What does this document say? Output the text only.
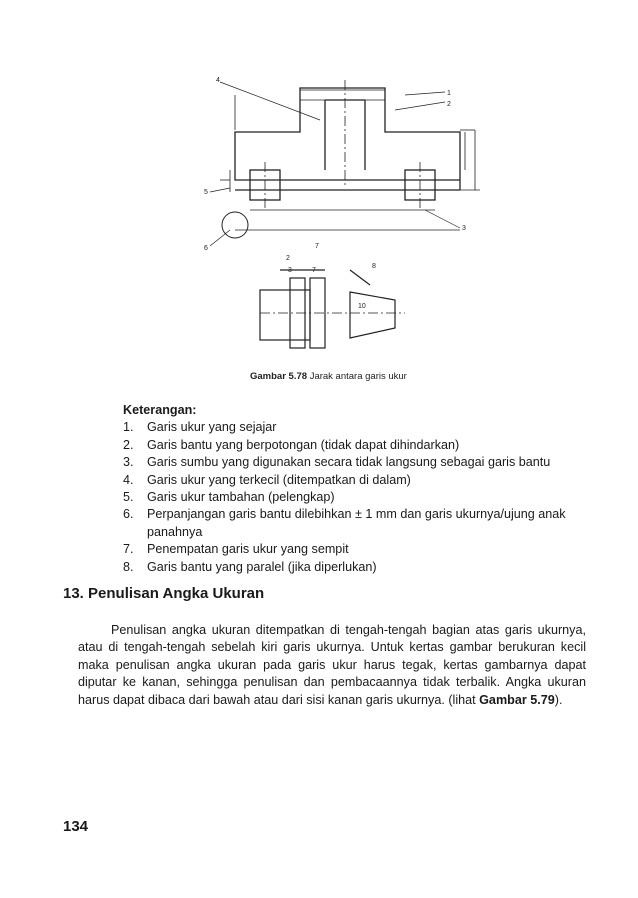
4
1
2
3
5
6	7
8
2
3	7
10
Gambar 5.78 Jarak antara garis ukur
Keterangan:
1.	Garis ukur yang sejajar
2.	Garis bantu yang berpotongan (tidak dapat dihindarkan)
3.	Garis sumbu yang digunakan secara tidak langsung sebagai garis bantu
4.	Garis ukur yang terkecil (ditempatkan di dalam)
5.	Garis ukur tambahan (pelengkap)
6.	Perpanjangan garis bantu dilebihkan ± 1 mm dan garis ukurnya/ujung anak panahnya
7.	Penempatan garis ukur yang sempit
8.	Garis bantu yang paralel (jika diperlukan)
13. Penulisan Angka Ukuran

Penulisan angka ukuran ditempatkan di tengah-tengah bagian atas garis ukurnya, atau di tengah-tengah sebelah kiri garis ukurnya. Untuk kertas gambar berukuran kecil maka penulisan angka ukuran pada garis ukur harus tegak, kertas gambarnya dapat diputar ke kanan, sehingga penulisan dan pembacaannya tidak terbalik. Angka ukuran harus dapat dibaca dari bawah atau dari sisi kanan garis ukurnya. (lihat Gambar 5.79).

134
